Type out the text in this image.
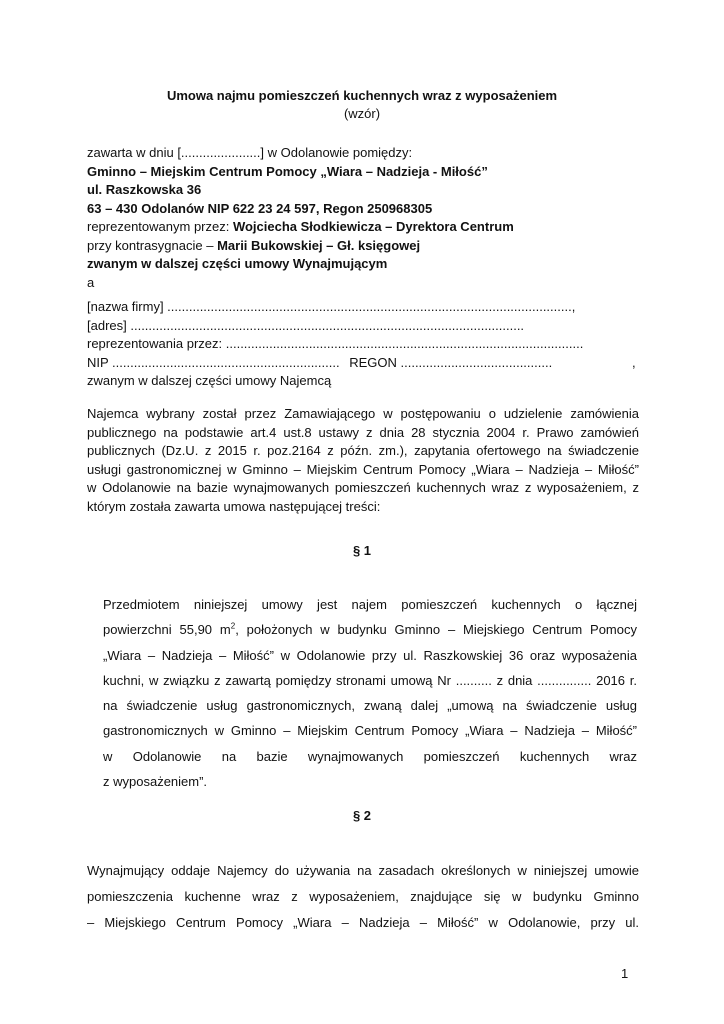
Umowa najmu pomieszczeń kuchennych wraz z wyposażeniem
(wzór)
zawarta w dniu [......................] w Odolanowie pomiędzy:
Gminno – Miejskim Centrum Pomocy „Wiara – Nadzieja - Miłość”
ul. Raszkowska 36
63 – 430 Odolanów NIP 622 23 24 597, Regon 250968305
reprezentowanym przez: Wojciecha Słodkiewicza – Dyrektora Centrum
przy kontrasygnacie – Marii Bukowskiej – Gł. księgowej
zwanym w dalszej części umowy Wynajmującym
a
[nazwa firmy] ................................................................................................................,
[adres] .............................................................................................................
reprezentowania przez: ...................................................................................................
NIP ............................................................... REGON ..........................................	,
zwanym w dalszej części umowy Najemcą
Najemca wybrany został przez Zamawiającego w postępowaniu o udzielenie zamówienia
publicznego na podstawie art.4 ust.8 ustawy z dnia 28 stycznia 2004 r. Prawo zamówień
publicznych (Dz.U. z 2015 r. poz.2164 z późn. zm.), zapytania ofertowego na świadczenie
usługi gastronomicznej w Gminno – Miejskim Centrum Pomocy „Wiara – Nadzieja – Miłość”
w Odolanowie na bazie wynajmowanych pomieszczeń kuchennych wraz z wyposażeniem, z
którym została zawarta umowa następującej treści:
§ 1
Przedmiotem niniejszej umowy jest najem pomieszczeń kuchennych o łącznej
powierzchni 55,90 $m^2$, położonych w budynku Gminno – Miejskiego Centrum Pomocy
„Wiara – Nadzieja – Miłość” w Odolanowie przy ul. Raszkowskiej 36 oraz wyposażenia
kuchni, w związku z zawartą pomiędzy stronami umową Nr .......... z dnia ............... 2016 r.
na świadczenie usług gastronomicznych, zwaną dalej „umową na świadczenie usług
gastronomicznych w Gminno – Miejskim Centrum Pomocy „Wiara – Nadzieja – Miłość”
w Odolanowie na bazie wynajmowanych pomieszczeń kuchennych wraz
z wyposażeniem”.
§ 2
Wynajmujący oddaje Najemcy do używania na zasadach określonych w niniejszej umowie
pomieszczenia kuchenne wraz z wyposażeniem, znajdujące się w budynku Gminno
– Miejskiego Centrum Pomocy „Wiara – Nadzieja – Miłość” w Odolanowie, przy ul.
1
